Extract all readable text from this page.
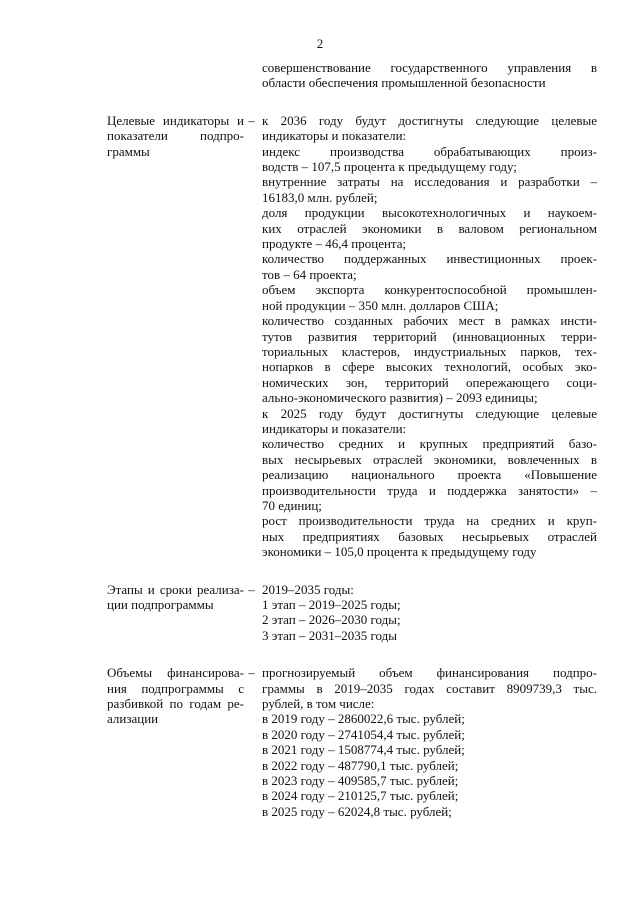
2
совершенствование государственного управления в
области обеспечения промышленной безопасности
Целевые индикаторы и показатели подпро-граммы
– к 2036 году будут достигнуты следующие целевые
индикаторы и показатели:
индекс производства обрабатывающих произ-
водств – 107,5 процента к предыдущему году;
внутренние затраты на исследования и разработки –
16183,0 млн. рублей;
доля продукции высокотехнологичных и наукоем-
ких отраслей экономики в валовом региональном
продукте – 46,4 процента;
количество поддержанных инвестиционных проек-
тов – 64 проекта;
объем экспорта конкурентоспособной промышлен-
ной продукции – 350 млн. долларов США;
количество созданных рабочих мест в рамках инсти-
тутов развития территорий (инновационных терри-
ториальных кластеров, индустриальных парков, тех-
нопарков в сфере высоких технологий, особых эко-
номических зон, территорий опережающего соци-
ально-экономического развития) – 2093 единицы;
к 2025 году будут достигнуты следующие целевые
индикаторы и показатели:
количество средних и крупных предприятий базо-
вых несырьевых отраслей экономики, вовлеченных в
реализацию национального проекта «Повышение
производительности труда и поддержка занятости» –
70 единиц;
рост производительности труда на средних и круп-
ных предприятиях базовых несырьевых отраслей
экономики – 105,0 процента к предыдущему году
Этапы и сроки реализа-ции подпрограммы
– 2019–2035 годы:
1 этап – 2019–2025 годы;
2 этап – 2026–2030 годы;
3 этап – 2031–2035 годы
Объемы финансирова-ния подпрограммы с разбивкой по годам ре-ализации
– прогнозируемый объем финансирования подпро-
граммы в 2019–2035 годах составит 8909739,3 тыс.
рублей, в том числе:
в 2019 году – 2860022,6 тыс. рублей;
в 2020 году – 2741054,4 тыс. рублей;
в 2021 году – 1508774,4 тыс. рублей;
в 2022 году – 487790,1 тыс. рублей;
в 2023 году – 409585,7 тыс. рублей;
в 2024 году – 210125,7 тыс. рублей;
в 2025 году – 62024,8 тыс. рублей;
